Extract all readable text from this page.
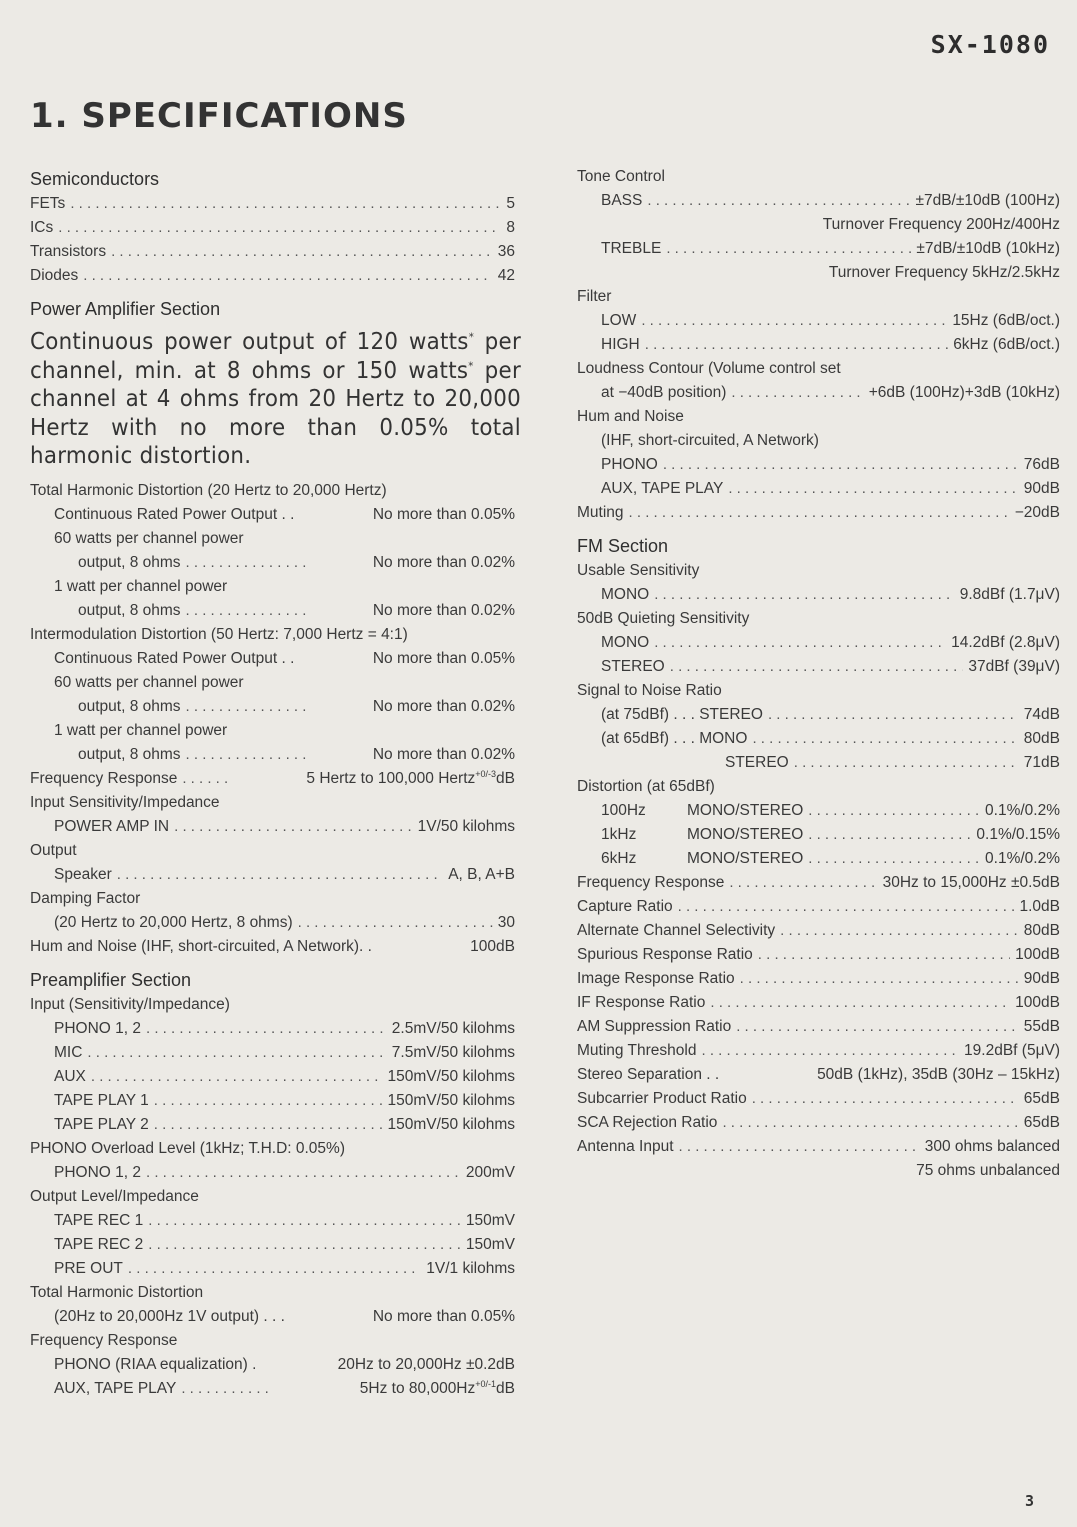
SX-1080
1. SPECIFICATIONS
Semiconductors
FETs . . .	5
ICs . . .	8
Transistors . . .	36
Diodes . . .	42
Power Amplifier Section
Continuous power output of 120 watts* per channel, min. at 8 ohms or 150 watts* per channel at 4 ohms from 20 Hertz to 20,000 Hertz with no more than 0.05% total harmonic distortion.
Total Harmonic Distortion (20 Hertz to 20,000 Hertz)
Continuous Rated Power Output . .	No more than 0.05%
60 watts per channel power
output, 8 ohms . . .	No more than 0.02%
1 watt per channel power
output, 8 ohms . . .	No more than 0.02%
Intermodulation Distortion (50 Hertz: 7,000 Hertz = 4:1)
Continuous Rated Power Output . .	No more than 0.05%
60 watts per channel power
output, 8 ohms . . .	No more than 0.02%
1 watt per channel power
output, 8 ohms . . .	No more than 0.02%
Frequency Response . . .	5 Hertz to 100,000 Hertz$^{+0/-3}$dB
Input Sensitivity/Impedance
POWER AMP IN . . .	1V/50 kilohms
Output
Speaker . . .	A, B, A+B
Damping Factor
(20 Hertz to 20,000 Hertz, 8 ohms) . . .	30
Hum and Noise (IHF, short-circuited, A Network). .	100dB
Preamplifier Section
Input (Sensitivity/Impedance)
PHONO 1, 2 . . .	2.5mV/50 kilohms
MIC . . .	7.5mV/50 kilohms
AUX . . .	150mV/50 kilohms
TAPE PLAY 1 . . .	150mV/50 kilohms
TAPE PLAY 2 . . .	150mV/50 kilohms
PHONO Overload Level (1kHz; T.H.D: 0.05%)
PHONO 1, 2 . . .	200mV
Output Level/Impedance
TAPE REC 1 . . .	150mV
TAPE REC 2 . . .	150mV
PRE OUT . . .	1V/1 kilohms
Total Harmonic Distortion
(20Hz to 20,000Hz 1V output) . . .	No more than 0.05%
Frequency Response
PHONO (RIAA equalization) .	20Hz to 20,000Hz ±0.2dB
AUX, TAPE PLAY . . .	5Hz to $80,000Hz^{+0/-1}dB$
Tone Control
BASS . . .	±7dB/±10dB (100Hz)
Turnover Frequency 200Hz/400Hz
TREBLE . . .	±7dB/±10dB (10kHz)
Turnover Frequency 5kHz/2.5kHz
Filter
LOW . . .	15Hz (6dB/oct.)
HIGH . . .	6kHz (6dB/oct.)
Loudness Contour (Volume control set
at −40dB position) . . .	+6dB (100Hz)+3dB (10kHz)
Hum and Noise
(IHF, short-circuited, A Network)
PHONO . . .	76dB
AUX, TAPE PLAY . . .	90dB
Muting . . .	−20dB
FM Section
Usable Sensitivity
MONO . . .	9.8dBf (1.7μV)
50dB Quieting Sensitivity
MONO . . .	14.2dBf (2.8μV)
STEREO . . .	37dBf (39μV)
Signal to Noise Ratio
(at 75dBf) . . . STEREO . . .	74dB
(at 65dBf) . . . MONO . . .	80dB
STEREO . . .	71dB
Distortion (at 65dBf)
100Hz	MONO/STEREO . . .	0.1%/0.2%
1kHz	MONO/STEREO . . .	0.1%/0.15%
6kHz	MONO/STEREO . . .	0.1%/0.2%
Frequency Response . . .	30Hz to 15,000Hz ±0.5dB
Capture Ratio . . .	1.0dB
Alternate Channel Selectivity . . .	80dB
Spurious Response Ratio . . .	100dB
Image Response Ratio . . .	90dB
IF Response Ratio . . .	100dB
AM Suppression Ratio . . .	55dB
Muting Threshold . . .	19.2dBf (5μV)
Stereo Separation . .	50dB (1kHz), 35dB (30Hz – 15kHz)
Subcarrier Product Ratio . . .	65dB
SCA Rejection Ratio . . .	65dB
Antenna Input . . .	300 ohms balanced
75 ohms unbalanced
3
